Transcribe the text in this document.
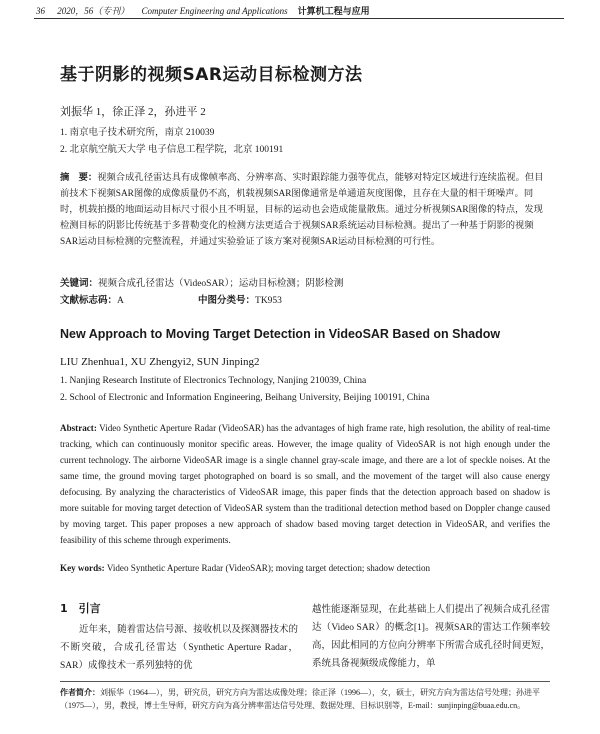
36 2020，56（专刊） Computer Engineering and Applications 计算机工程与应用
基于阴影的视频SAR运动目标检测方法
刘振华 1，徐正泽 2，孙进平 2
1. 南京电子技术研究所，南京 210039
2. 北京航空航天大学 电子信息工程学院，北京 100191
摘　要：视频合成孔径雷达具有成像帧率高、分辨率高、实时跟踪能力强等优点，能够对特定区域进行连续监视。但目前技术下视频SAR图像的成像质量仍不高，机载视频SAR图像通常是单通道灰度图像，且存在大量的相干斑噪声。同时，机载拍摄的地面运动目标尺寸很小且不明显，目标的运动也会造成能量散焦。通过分析视频SAR图像的特点，发现检测目标的阴影比传统基于多普勒变化的检测方法更适合于视频SAR系统运动目标检测。提出了一种基于阴影的视频SAR运动目标检测的完整流程，并通过实验验证了该方案对视频SAR运动目标检测的可行性。
关键词：视频合成孔径雷达（VideoSAR）；运动目标检测；阴影检测
文献标志码：A	中图分类号：TK953
New Approach to Moving Target Detection in VideoSAR Based on Shadow
LIU Zhenhua1, XU Zhengyi2, SUN Jinping2
1. Nanjing Research Institute of Electronics Technology, Nanjing 210039, China
2. School of Electronic and Information Engineering, Beihang University, Beijing 100191, China
Abstract: Video Synthetic Aperture Radar (VideoSAR) has the advantages of high frame rate, high resolution, the ability of real-time tracking, which can continuously monitor specific areas. However, the image quality of VideoSAR is not high enough under the current technology. The airborne VideoSAR image is a single channel gray-scale image, and there are a lot of speckle noises. At the same time, the ground moving target photographed on board is so small, and the movement of the target will also cause energy defocusing. By analyzing the characteristics of VideoSAR image, this paper finds that the detection approach based on shadow is more suitable for moving target detection of VideoSAR system than the traditional detection method based on Doppler change caused by moving target. This paper proposes a new approach of shadow based moving target detection in VideoSAR, and verifies the feasibility of this scheme through experiments.
Key words: Video Synthetic Aperture Radar (VideoSAR); moving target detection; shadow detection
1　引言
近年来，随着雷达信号源、接收机以及探测器技术的不断突破，合成孔径雷达（Synthetic Aperture Radar，SAR）成像技术一系列独特的优
越性能逐渐显现，在此基础上人们提出了视频合成孔径雷达（Video SAR）的概念[1]。视频SAR的雷达工作频率较高，因此相同的方位向分辨率下所需合成孔径时间更短，系统具备视频级成像能力，单
作者简介：刘振华（1964—），男，研究员，研究方向为雷达成像处理；徐正泽（1996—），女，硕士，研究方向为雷达信号处理；孙进平（1975—），男，教授，博士生导师，研究方向为高分辨率雷达信号处理、数据处理、目标识别等，E-mail：sunjinping@buaa.edu.cn。
